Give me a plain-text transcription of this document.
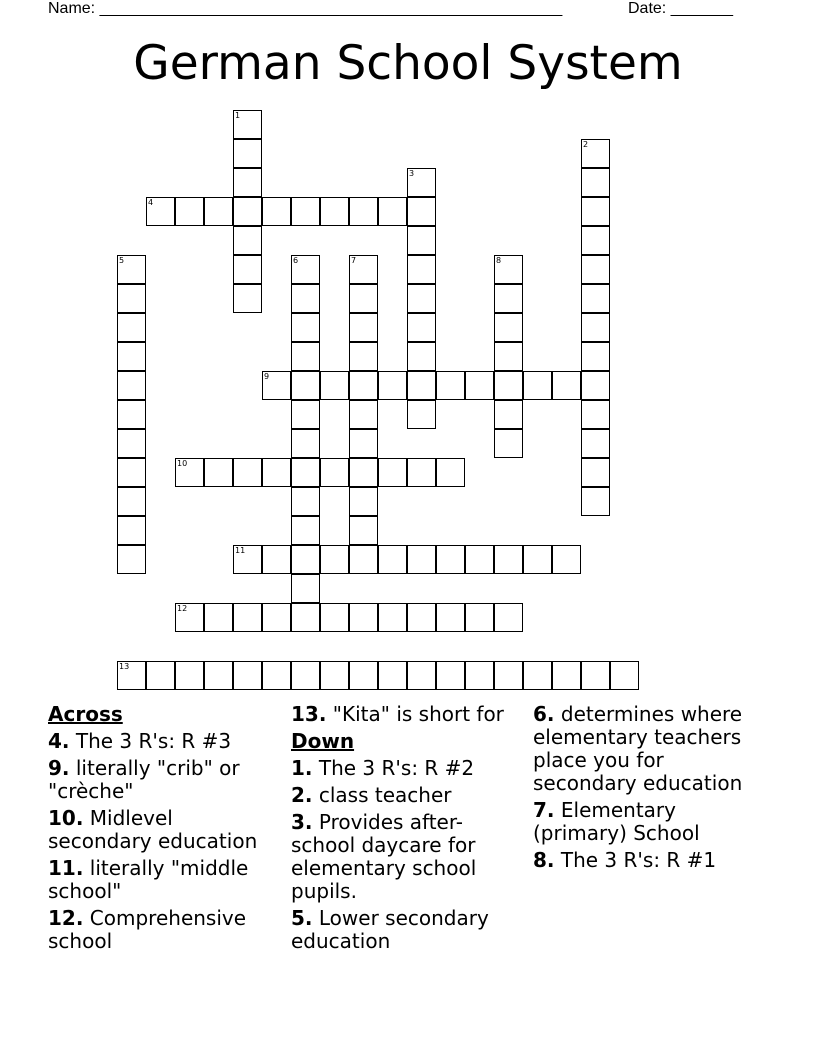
Name: ____________________________________________________	Date: _______
German School System
1
2
3
4
5	6	7	8
9
10
11
12
13
Across
4. The 3 R's: R #3
9. literally "crib" or "crèche"
10. Midlevel secondary education
11. literally "middle school"
12. Comprehensive school
13. "Kita" is short for
Down
1. The 3 R's: R #2
2. class teacher
3. Provides after-school daycare for elementary school pupils.
5. Lower secondary education
6. determines where elementary teachers place you for secondary education
7. Elementary (primary) School
8. The 3 R's: R #1
